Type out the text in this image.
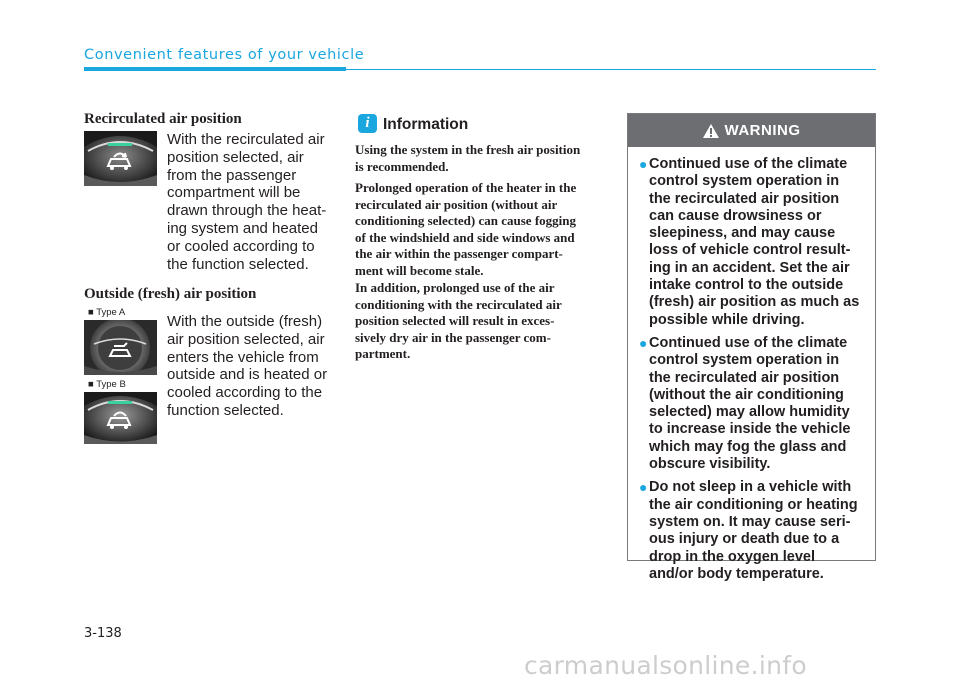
Convenient features of your vehicle
Recirculated air position
With the recirculated air
position selected, air
from the passenger
compartment will be
drawn through the heat-
ing system and heated
or cooled according to
the function selected.
Outside (fresh) air position
■ Type A
■ Type B
With the outside (fresh)
air position selected, air
enters the vehicle from
outside and is heated or
cooled according to the
function selected.
i Information
Using the system in the fresh air position
is recommended.
Prolonged operation of the heater in the
recirculated air position (without air
conditioning selected) can cause fogging
of the windshield and side windows and
the air within the passenger compart-
ment will become stale.
In addition, prolonged use of the air
conditioning with the recirculated air
position selected will result in exces-
sively dry air in the passenger com-
partment.
WARNING
● Continued use of the climate
control system operation in
the recirculated air position
can cause drowsiness or
sleepiness, and may cause
loss of vehicle control result-
ing in an accident. Set the air
intake control to the outside
(fresh) air position as much as
possible while driving.
● Continued use of the climate
control system operation in
the recirculated air position
(without the air conditioning
selected) may allow humidity
to increase inside the vehicle
which may fog the glass and
obscure visibility.
● Do not sleep in a vehicle with
the air conditioning or heating
system on. It may cause seri-
ous injury or death due to a
drop in the oxygen level
and/or body temperature.
3-138
carmanualsonline.info
